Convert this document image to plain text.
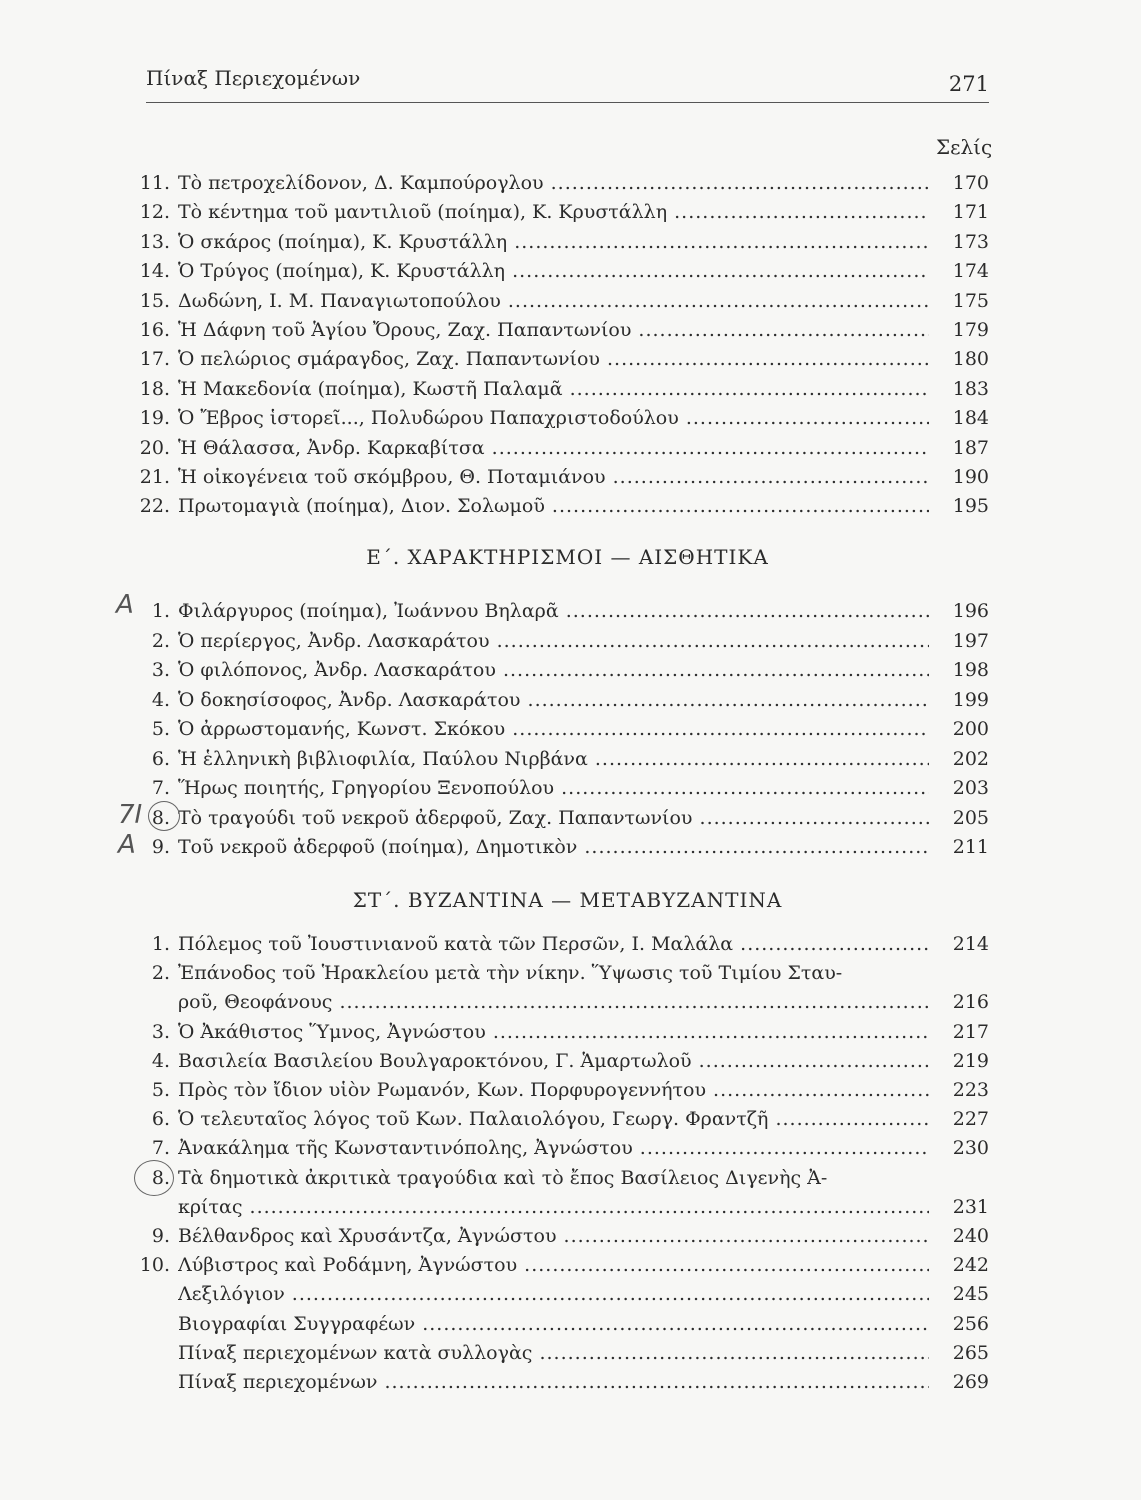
Πίναξ Περιεχομένων	271
Σελίς
11. Τὸ πετροχελίδονον, Δ. Καμπούρογλου .....	170
12. Τὸ κέντημα τοῦ μαντιλιοῦ (ποίημα), Κ. Κρυστάλλη .....	171
13. Ὁ σκάρος (ποίημα), Κ. Κρυστάλλη .....	173
14. Ὁ Τρύγος (ποίημα), Κ. Κρυστάλλη .....	174
15. Δωδώνη, Ι. Μ. Παναγιωτοπούλου .....	175
16. Ἡ Δάφνη τοῦ Ἁγίου Ὄρους, Ζαχ. Παπαντωνίου .....	179
17. Ὁ πελώριος σμάραγδος, Ζαχ. Παπαντωνίου .....	180
18. Ἡ Μακεδονία (ποίημα), Κωστῆ Παλαμᾶ .....	183
19. Ὁ Ἔβρος ἱστορεῖ..., Πολυδώρου Παπαχριστοδούλου .....	184
20. Ἡ Θάλασσα, Ἀνδρ. Καρκαβίτσα .....	187
21. Ἡ οἰκογένεια τοῦ σκόμβρου, Θ. Ποταμιάνου .....	190
22. Πρωτομαγιὰ (ποίημα), Διον. Σολωμοῦ .....	195
Ε΄. ΧΑΡΑΚΤΗΡΙΣΜΟΙ — ΑΙΣΘΗΤΙΚΑ
1. Φιλάργυρος (ποίημα), Ἰωάννου Βηλαρᾶ .....	196
2. Ὁ περίεργος, Ἀνδρ. Λασκαράτου .....	197
3. Ὁ φιλόπονος, Ἀνδρ. Λασκαράτου .....	198
4. Ὁ δοκησίσοφος, Ἀνδρ. Λασκαράτου .....	199
5. Ὁ ἀρρωστομανής, Κωνστ. Σκόκου .....	200
6. Ἡ ἑλληνικὴ βιβλιοφιλία, Παύλου Νιρβάνα .....	202
7. Ἥρως ποιητής, Γρηγορίου Ξενοπούλου .....	203
8. Τὸ τραγούδι τοῦ νεκροῦ ἀδερφοῦ, Ζαχ. Παπαντωνίου .....	205
9. Τοῦ νεκροῦ ἀδερφοῦ (ποίημα), Δημοτικὸν .....	211
ΣΤ΄. ΒΥΖΑΝΤΙΝΑ — ΜΕΤΑΒΥΖΑΝΤΙΝΑ
1. Πόλεμος τοῦ Ἰουστινιανοῦ κατὰ τῶν Περσῶν, Ι. Μαλάλα .....	214
2. Ἐπάνοδος τοῦ Ἡρακλείου μετὰ τὴν νίκην. Ὕψωσις τοῦ Τιμίου Σταυ-
ροῦ, Θεοφάνους .....	216
3. Ὁ Ἀκάθιστος Ὕμνος, Ἀγνώστου .....	217
4. Βασιλεία Βασιλείου Βουλγαροκτόνου, Γ. Ἁμαρτωλοῦ .....	219
5. Πρὸς τὸν ἴδιον υἱὸν Ρωμανόν, Κων. Πορφυρογεννήτου .....	223
6. Ὁ τελευταῖος λόγος τοῦ Κων. Παλαιολόγου, Γεωργ. Φραντζῆ .....	227
7. Ἀνακάλημα τῆς Κωνσταντινόπολης, Ἀγνώστου .....	230
8. Τὰ δημοτικὰ ἀκριτικὰ τραγούδια καὶ τὸ ἔπος Βασίλειος Διγενὴς Ἀ-
κρίτας .....	231
9. Βέλθανδρος καὶ Χρυσάντζα, Ἀγνώστου .....	240
10. Λύβιστρος καὶ Ροδάμνη, Ἀγνώστου .....	242
Λεξιλόγιον .....	245
Βιογραφίαι Συγγραφέων .....	256
Πίναξ περιεχομένων κατὰ συλλογὰς .....	265
Πίναξ περιεχομένων .....	269
Α
7Ι
Α
